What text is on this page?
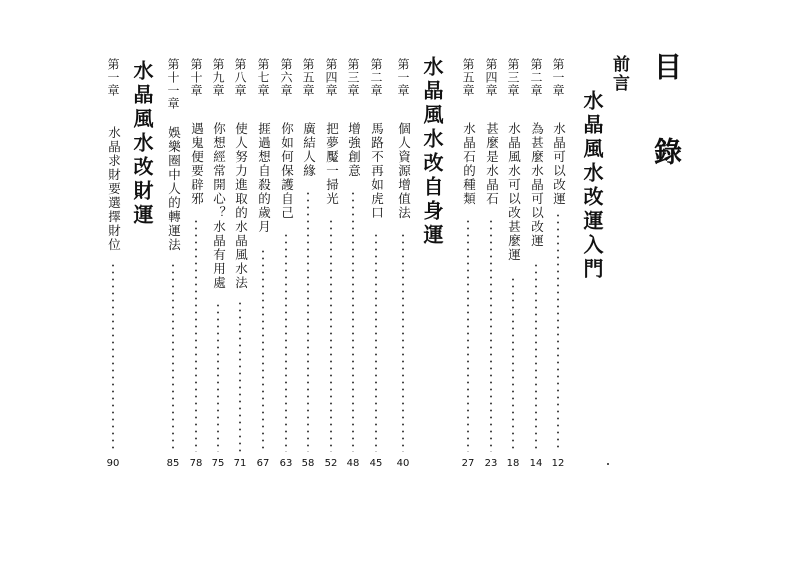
目 錄
前言
水晶風水改運入門
第一章
水晶可以改運
12
第二章
為甚麼水晶可以改運
14
第三章
水晶風水可以改甚麼運
18
第四章
甚麼是水晶石
23
第五章
水晶石的種類
27
水晶風水改自身運
第一章
個人資源增值法
40
第二章
馬路不再如虎口
45
第三章
增強創意
48
第四章
把夢魘一掃光
52
第五章
廣結人緣
58
第六章
你如何保護自己
63
第七章
捱過想自殺的歲月
67
第八章
使人努力進取的水晶風水法
71
第九章
你想經常開心？水晶有用處
75
第十章
遇鬼便要辟邪
78
第十一章
娛樂圈中人的轉運法
85
水晶風水改財運
第一章
水晶求財要選擇財位
90
